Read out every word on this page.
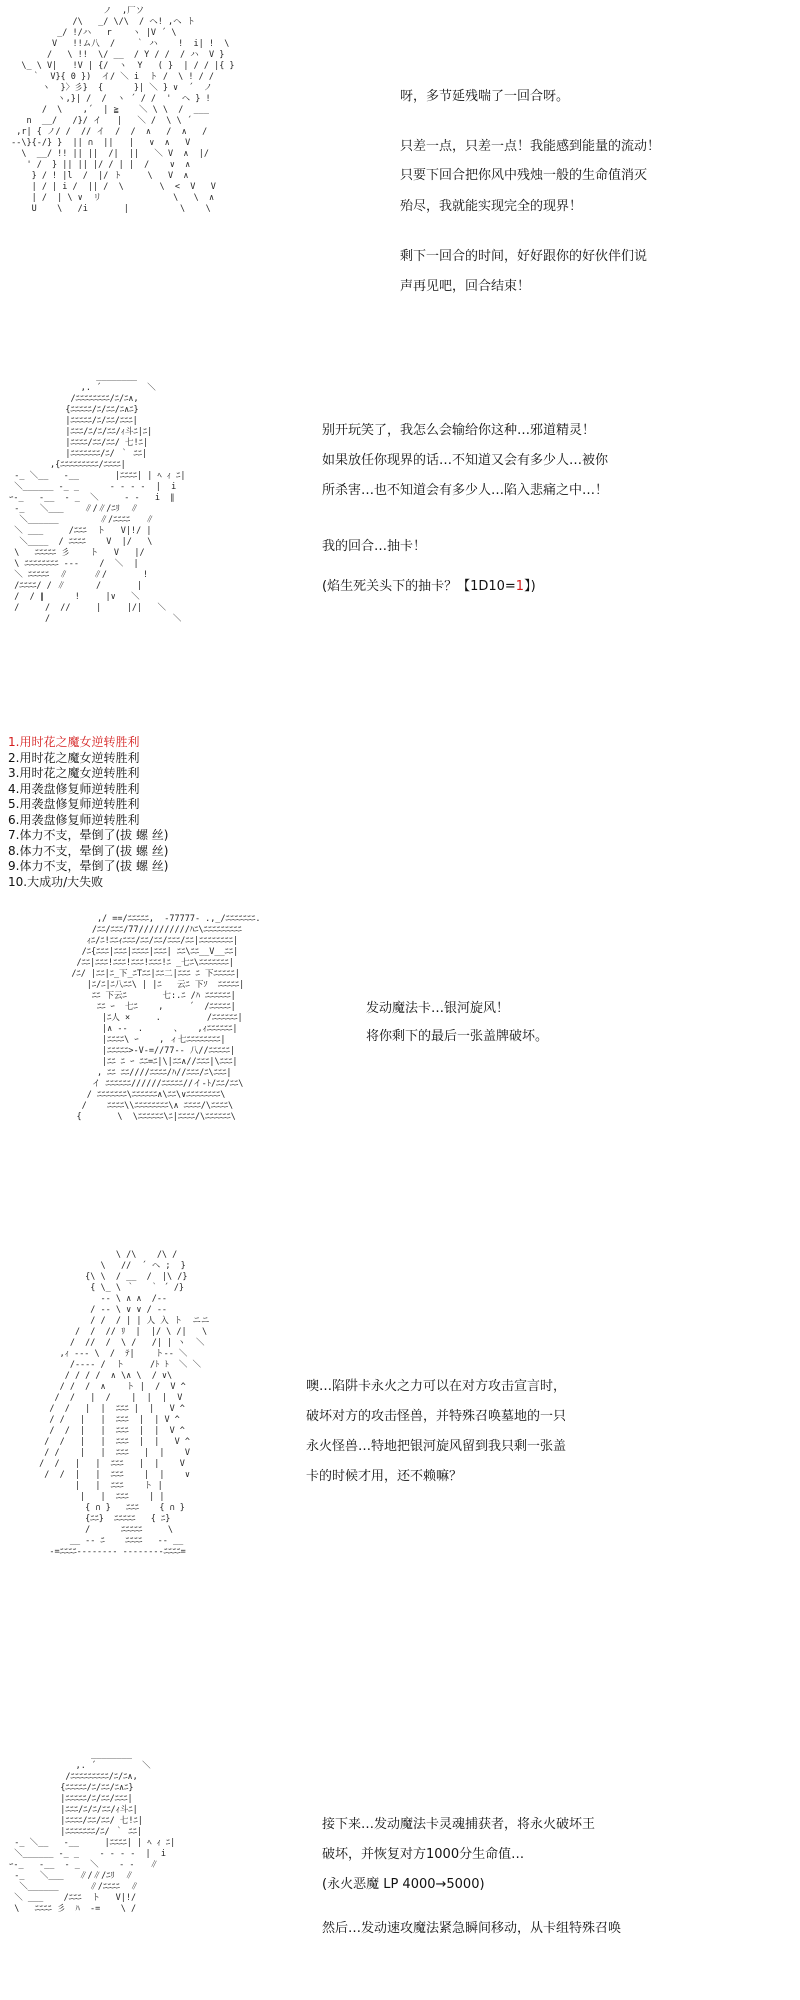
ノ  ,厂ソ
/\   _/ \/\  / ヘ! ,ヘ ト
_/ !/ハ   r    ヽ |V ´ \
V   !!ム八  /    ｀ ハ    !  i| !  \
/   \ !!  \/ __  / Y / /  / ハ  V }
\_ \ V|   !V | {/  ヽ  Y   ( }  | / / |{ }
｀  V}{ 0 })  イ/ ＼ i  ト /  \ ! / /
ヽ  }〉彡}  {      }| ＼ } ∨  ´  ノ
ヽ,}| /  /  ヽ ´ / /  '  ヘ } !
/  \    ,´  | ≧    ＼ \ \  /  ___
n  __/   /}/ イ   |   ＼ /  \ \ ´
,r| { ノ/ /  // イ  /  /  ∧   /  ∧   /
--\}{-/} }  || ∩  ||   |   ∨  ∧   V
\  __/ !! || ||  /|  ||   ＼ V  ∧  |/
' /  } || || |/ / | |  /    ∨  ∧
} / ! |l  /  |/ ト     \   V  ∧
| / | i /  || /  \       \  <  V   V
| /  | \ ∨  リ              \   \  ∧
U    \   /i       |          \    \
呀，多节延残喘了一回合呀。
只差一点，只差一点！我能感到能量的流动！
只要下回合把你风中残烛一般的生命值消灭
殆尽，我就能实现完全的现界！
剩下一回合的时间，好好跟你的好伙伴们说
声再见吧，回合结束！
________
,. ´         ＼
/ﾆﾆﾆﾆﾆﾆﾆﾆ/ﾆ/ﾆ∧,
{ﾆﾆﾆﾆﾆ/ﾆ/ﾆﾆ/ﾆ∧ﾆ}
|ﾆﾆﾆﾆﾆ/ﾆ/ﾆﾆ/ﾆﾆﾆ|
|ﾆﾆﾆ/ﾆ/ﾆ/ﾆﾆ/ｨ斗ﾆ|ﾆ|
|ﾆﾆﾆﾆ/ﾆﾆ/ﾆﾆ/ 七!ﾆ|
|ﾆﾆﾆﾆﾆﾆﾆ/ﾆ/ ｀ ﾆﾆ|
,{ﾆﾆﾆﾆﾆﾆﾆﾆﾆ/ﾆﾆﾆﾆ|
-_ ＼__   ‐__       |ﾆﾆﾆﾆ| | ﾍ ｨ ﾆ|
＼______ ‐_ _      ‐ ‐ ‐ ‐  |  i
ｰ-_   ‐__  ‐ _  ＼     ‐ ‐   i  ∥
‐_   ＼___    ∥/∥/ﾆﾘ  ∥
＼______        ∥/ﾆﾆﾆﾆ   ∥
＼ ___     /ﾆﾆﾆ  ト   V|!/ |
＼____  / ﾆﾆﾆﾆ    V  |/   \
\   ﾆﾆﾆﾆﾆ 彡    ト   V   |/
\ ﾆﾆﾆﾆﾆﾆﾆﾆ ---    /  ＼  |
＼ ﾆﾆﾆﾆﾆ  ∥     ∥/       !
/ﾆﾆﾆﾆ/ / ∥      /       |
/  / ∥      !     |∨   ＼
/     /  //     |     |/|   ＼
/                        ＼
别开玩笑了，我怎么会输给你这种…邪道精灵！
如果放任你现界的话…不知道又会有多少人…被你
所杀害…也不知道会有多少人…陷入悲痛之中…！
我的回合…抽卡！
(焰生死关头下的抽卡？【1D10=1】)
1.用时花之魔女逆转胜利
2.用时花之魔女逆转胜利
3.用时花之魔女逆转胜利
4.用袭盘修复师逆转胜利
5.用袭盘修复师逆转胜利
6.用袭盘修复师逆转胜利
7.体力不支，晕倒了(拔 螺 丝)
8.体力不支，晕倒了(拔 螺 丝)
9.体力不支，晕倒了(拔 螺 丝)
10.大成功/大失败
,/ ==/ﾆﾆﾆﾆﾆ,  -77777‐ .,_/ﾆﾆﾆﾆﾆﾆﾆ.
/ﾆﾆ/ﾆﾆﾆ/77//////////ﾊﾆ\ﾆﾆﾆﾆﾆﾆﾆﾆﾆ
ｨﾆ/ﾆ!ﾆﾆｨﾆﾆﾆ/ﾆﾆ/ﾆﾆ/ﾆﾆﾆ/ﾆﾆ|ﾆﾆﾆﾆﾆﾆﾆﾆ|
/ﾆ{ﾆﾆﾆ|ﾆﾆﾆ|ﾆﾆﾆﾆ|ﾆﾆﾆ| ﾆﾆ\ﾆﾆ__V__ﾆﾆ|
/ﾆﾆ|ﾆﾆﾆ!ﾆﾆﾆ!ﾆﾆﾆ!ﾆﾆﾆ!ﾆ _七ﾆ\ﾆﾆﾆﾆﾆﾆﾆ|
/ﾆ/ |ﾆﾆ|ﾆ_下_ﾆTﾆﾆ|ﾆﾆ二|ﾆﾆﾆ ﾆ 下ﾆﾆﾆﾆﾆ|
|ﾆ/ﾆ|ﾆ八ﾆﾆ\ | |ﾆ   云ﾆ 下ｿ  ﾆﾆﾆﾆﾆ|
ﾆﾆ 下云ﾆ       七:.ﾆ /ﾊ ﾆﾆﾆﾆﾆﾆ|
ﾆﾆ ｰ  七ﾆ    ,     ´  /ﾆﾆﾆﾆﾆ|
|ﾆ人 ×     .         /ﾆﾆﾆﾆﾆﾆ|
|∧ ‐‐  .      、   ,ｨﾆﾆﾆﾆﾆﾆ|
|ﾆﾆﾆﾆ\ ｰ    , ィ七ﾆﾆﾆﾆﾆﾆﾆﾆ|
|ﾆﾆﾆﾆﾆ>‐V‐=//77-- 八//ﾆﾆﾆﾆﾆ|
|ﾆﾆ ﾆ ｰ ﾆﾆ=ﾆ|\|ﾆﾆ∧//ﾆﾆﾆ|\ﾆﾆﾆ|
, ﾆﾆ ﾆﾆ////ﾆﾆﾆﾆ/ﾊ//ﾆﾆﾆ/ﾆ\ﾆﾆﾆ|
イ ﾆﾆﾆﾆﾆﾆ//////ﾆﾆﾆﾆﾆ//イ-ﾄ/ﾆﾆ/ﾆﾆ\
/ ﾆﾆﾆﾆﾆﾆﾆ\ﾆﾆﾆﾆﾆﾆ∧\ﾆﾆ\∨ﾆﾆﾆﾆﾆﾆﾆﾆ\
/    ﾆﾆﾆﾆ\\ﾆﾆﾆﾆﾆﾆﾆﾆ\∧ ﾆﾆﾆﾆ/\ﾆﾆﾆﾆ\
{       \  \ﾆﾆﾆﾆﾆﾆ\ﾆ|ﾆﾆﾆﾆ/\ﾆﾆﾆﾆﾆﾆ\
发动魔法卡…银河旋风！
将你剩下的最后一张盖牌破坏。
\ /\    /\ /
\   //  ´ ヘ ;  }
{\ \  / __  /  |\ /}
{ \_ \ ｀   ｀ ´ /}
‐‐ \ ∧ ∧  /‐‐
/ ‐‐ \ ∨ ∨ / ‐‐
/ /  / | | 人 入 ト  ニニ
/  /  // ﾘ  |  |/ \ /|   \
/  //  /  \ /   /| | ヽ  ＼
,ｨ ‐‐‐ \  /  ﾃ|    ト‐‐ ＼
/‐‐‐‐ /  ト     /ﾄ ﾄ  ＼ ＼
/ / / /  ∧ \∧ \  / ∨\
/ /  /  ∧    ト |  /  V ^
/  /   |  /    |  |  |  V
/  /   |  |  ﾆﾆﾆ |  |   V ^
/ /   |   |  ﾆﾆﾆ  |  | V ^
/  /  |   |  ﾆﾆﾆ  |  |  V ^
/  /   |   |  ﾆﾆﾆ  |  |   V ^
/ /    |   |  ﾆﾆﾆ   |  |    V
/  /   |   |  ﾆﾆﾆ   |  |    V
/  /  |   |  ﾆﾆﾆ    |  |    ∨
|   |  ﾆﾆﾆ    ト |
|   |  ﾆﾆﾆ    | |
{ ∩ }   ﾆﾆﾆ    { ∩ }
{ﾆﾆ}  ﾆﾆﾆﾆﾆ   { ﾆ}
/      ﾆﾆﾆﾆﾆ     \
__ ‐‐ ﾆ    ﾆﾆﾆﾆ   ‐‐ __
‐=ﾆﾆﾆﾆ‐‐‐‐‐‐‐‐ ‐‐‐‐‐‐‐‐ﾆﾆﾆﾆ=
噢…陷阱卡永火之力可以在对方攻击宣言时，
破坏对方的攻击怪兽，并特殊召唤墓地的一只
永火怪兽…特地把银河旋风留到我只剩一张盖
卡的时候才用，还不赖嘛？
________
,. ´         ＼
/ﾆﾆﾆﾆﾆﾆﾆﾆﾆ/ﾆ/ﾆ∧,
{ﾆﾆﾆﾆﾆ/ﾆ/ﾆﾆ/ﾆ∧ﾆ}
|ﾆﾆﾆﾆﾆ/ﾆ/ﾆﾆ/ﾆﾆﾆ|
|ﾆﾆﾆ/ﾆ/ﾆ/ﾆﾆ/ｨ斗ﾆ|
|ﾆﾆﾆﾆ/ﾆﾆ/ﾆﾆ/ 七!ﾆ|
|ﾆﾆﾆﾆﾆﾆﾆ/ﾆ/ ｀ ﾆﾆ|
-_ ＼__   ‐__     |ﾆﾆﾆﾆ| | ﾍ ｨ ﾆ|
＼______ ‐_ _    ‐ ‐ ‐ ‐  |  i
ｰ-_   ‐__  ‐ _  ＼    ‐ ‐   ∥
‐_   ＼___   ∥/∥/ﾆﾘ  ∥
＼______      ∥/ﾆﾆﾆﾆ  ∥
＼ ___    /ﾆﾆﾆ  ト   V|!/
\   ﾆﾆﾆﾆ 彡  ﾊ  ‐=    \ /
接下来…发动魔法卡灵魂捕获者，将永火破坏王
破坏，并恢复对方1000分生命值…
(永火恶魔 LP 4000→5000)
然后…发动速攻魔法紧急瞬间移动，从卡组特殊召唤
